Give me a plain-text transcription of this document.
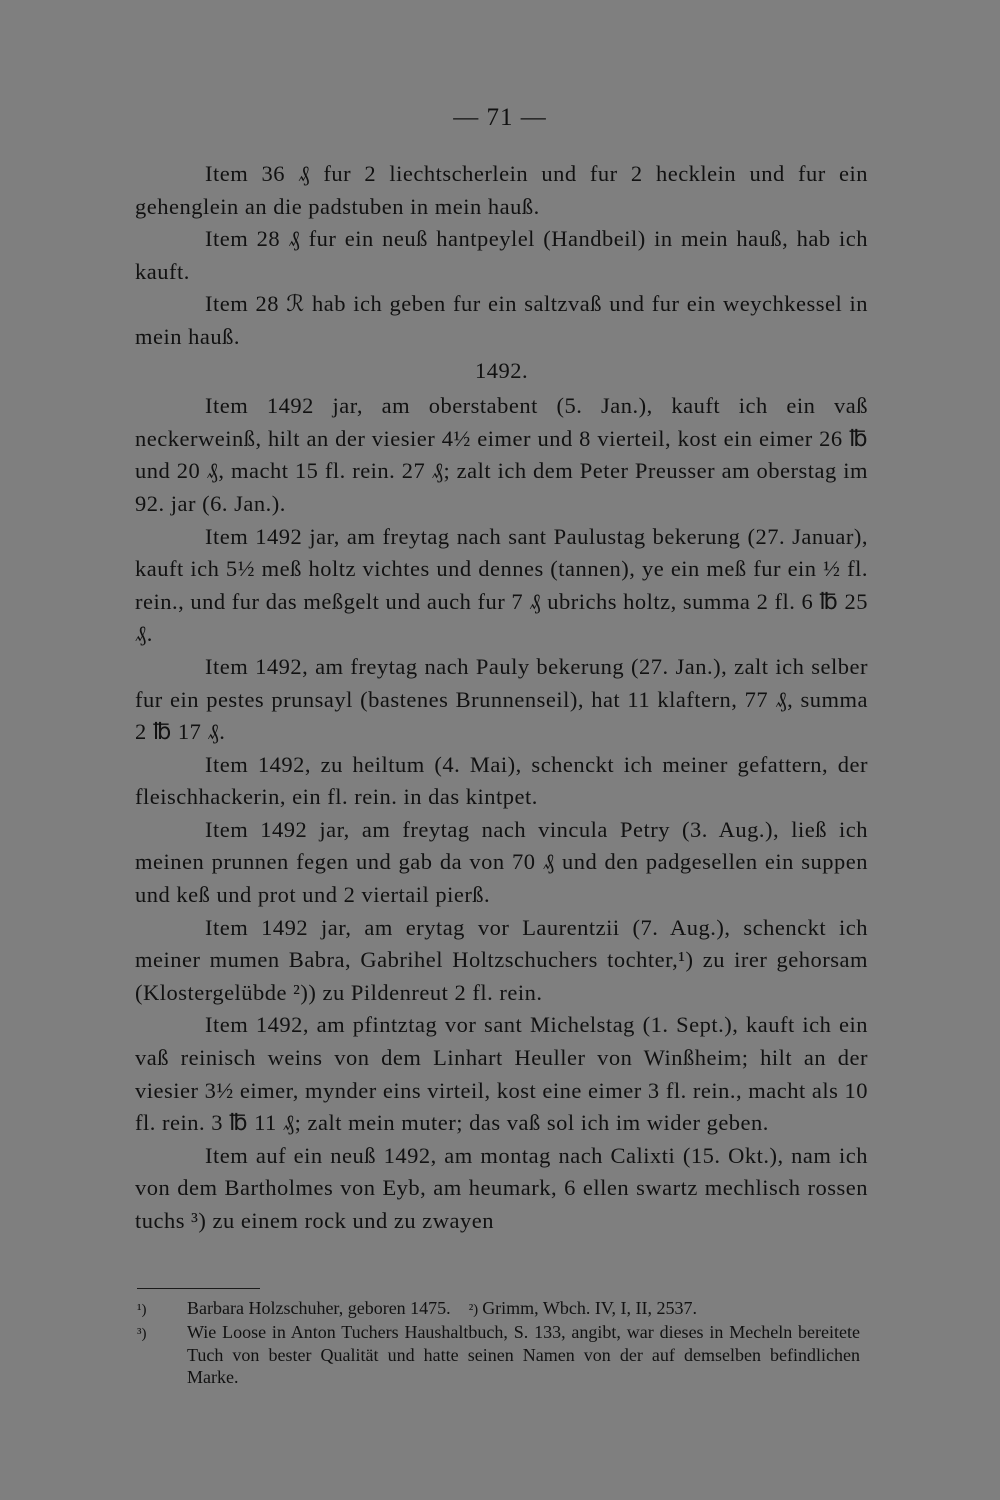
— 71 —

Item 36 ₰ fur 2 liechtscherlein und fur 2 hecklein und fur ein gehenglein an die padstuben in mein hauß.

Item 28 ₰ fur ein neuß hantpeylel (Handbeil) in mein hauß, hab ich kauft.

Item 28 ℛ hab ich geben fur ein saltzvaß und fur ein weychkessel in mein hauß.

1492.

Item 1492 jar, am oberstabent (5. Jan.), kauft ich ein vaß neckerweinß, hilt an der viesier 4½ eimer und 8 vierteil, kost ein eimer 26 ℔ und 20 ₰, macht 15 fl. rein. 27 ₰; zalt ich dem Peter Preusser am oberstag im 92. jar (6. Jan.).

Item 1492 jar, am freytag nach sant Paulustag bekerung (27. Januar), kauft ich 5½ meß holtz vichtes und dennes (tannen), ye ein meß fur ein ½ fl. rein., und fur das meßgelt und auch fur 7 ₰ ubrichs holtz, summa 2 fl. 6 ℔ 25 ₰.

Item 1492, am freytag nach Pauly bekerung (27. Jan.), zalt ich selber fur ein pestes prunsayl (bastenes Brunnenseil), hat 11 klaftern, 77 ₰, summa 2 ℔ 17 ₰.

Item 1492, zu heiltum (4. Mai), schenckt ich meiner gefattern, der fleischhackerin, ein fl. rein. in das kintpet.

Item 1492 jar, am freytag nach vincula Petry (3. Aug.), ließ ich meinen prunnen fegen und gab da von 70 ₰ und den padgesellen ein suppen und keß und prot und 2 viertail pierß.

Item 1492 jar, am erytag vor Laurentzii (7. Aug.), schenckt ich meiner mumen Babra, Gabrihel Holtzschuchers tochter,¹) zu irer gehorsam (Klostergelübde ²)) zu Pildenreut 2 fl. rein.

Item 1492, am pfintztag vor sant Michelstag (1. Sept.), kauft ich ein vaß reinisch weins von dem Linhart Heuller von Winßheim; hilt an der viesier 3½ eimer, mynder eins virteil, kost eine eimer 3 fl. rein., macht als 10 fl. rein. 3 ℔ 11 ₰; zalt mein muter; das vaß sol ich im wider geben.

Item auf ein neuß 1492, am montag nach Calixti (15. Okt.), nam ich von dem Bartholmes von Eyb, am heumark, 6 ellen swartz mechlisch rossen tuchs ³) zu einem rock und zu zwayen

¹) Barbara Holzschuher, geboren 1475. ²) Grimm, Wbch. IV, I, II, 2537.
³) Wie Loose in Anton Tuchers Haushaltbuch, S. 133, angibt, war dieses in Mecheln bereitete Tuch von bester Qualität und hatte seinen Namen von der auf demselben befindlichen Marke.
